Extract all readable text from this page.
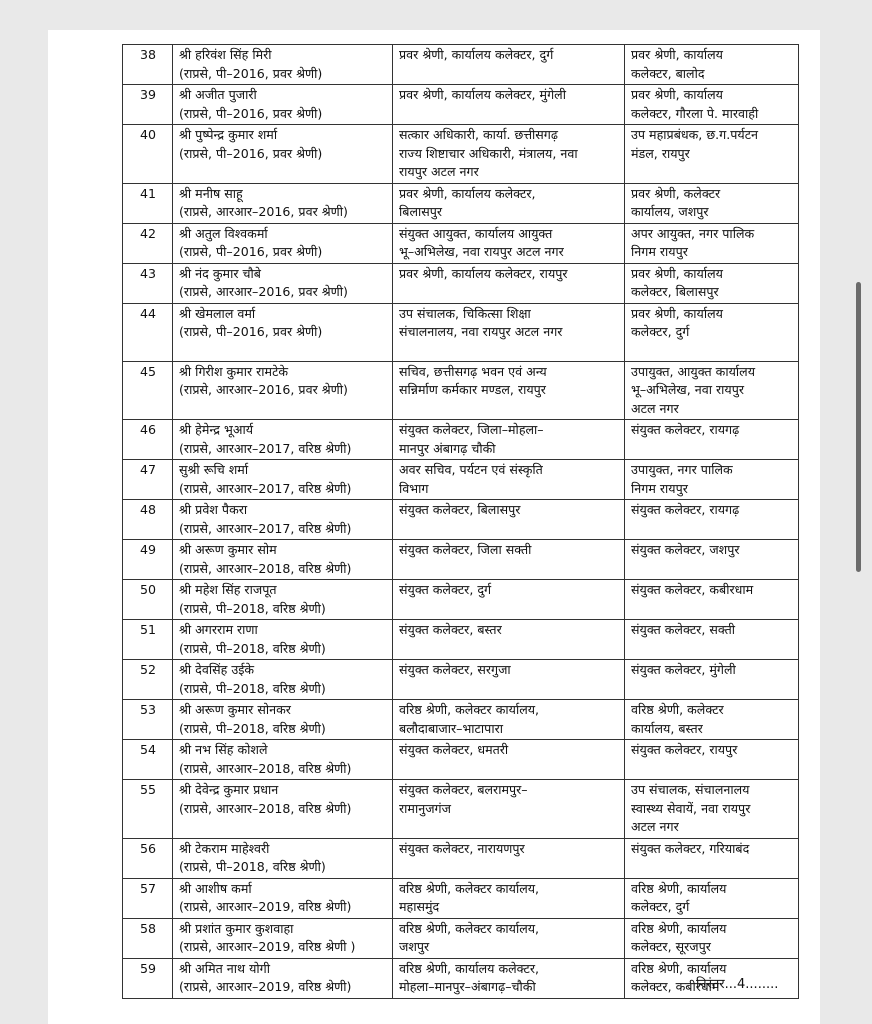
38	श्री हरिवंश सिंह मिरी
(राप्रसे, पी–2016, प्रवर श्रेणी)	प्रवर श्रेणी, कार्यालय कलेक्टर, दुर्ग	प्रवर श्रेणी, कार्यालय
कलेक्टर, बालोद

39	श्री अजीत पुजारी
(राप्रसे, पी–2016, प्रवर श्रेणी)	प्रवर श्रेणी, कार्यालय कलेक्टर, मुंगेली	प्रवर श्रेणी, कार्यालय
कलेक्टर, गौरला पे. मारवाही

40	श्री पुष्पेन्द्र कुमार शर्मा
(राप्रसे, पी–2016, प्रवर श्रेणी)	सत्कार अधिकारी, कार्या. छत्तीसगढ़
राज्य शिष्टाचार अधिकारी, मंत्रालय, नवा
रायपुर अटल नगर	उप महाप्रबंधक, छ.ग.पर्यटन
मंडल, रायपुर

41	श्री मनीष साहू
(राप्रसे, आरआर–2016, प्रवर श्रेणी)	प्रवर श्रेणी, कार्यालय कलेक्टर,
बिलासपुर	प्रवर श्रेणी, कलेक्टर
कार्यालय, जशपुर

42	श्री अतुल विश्वकर्मा
(राप्रसे, पी–2016, प्रवर श्रेणी)	संयुक्त आयुक्त, कार्यालय आयुक्त
भू–अभिलेख, नवा रायपुर अटल नगर	अपर आयुक्त, नगर पालिक
निगम रायपुर

43	श्री नंद कुमार चौबे
(राप्रसे, आरआर–2016, प्रवर श्रेणी)	प्रवर श्रेणी, कार्यालय कलेक्टर, रायपुर	प्रवर श्रेणी, कार्यालय
कलेक्टर, बिलासपुर

44	श्री खेमलाल वर्मा
(राप्रसे, पी–2016, प्रवर श्रेणी)	उप संचालक, चिकित्सा शिक्षा
संचालनालय, नवा रायपुर अटल नगर	प्रवर श्रेणी, कार्यालय
कलेक्टर, दुर्ग

45	श्री गिरीश कुमार रामटेके
(राप्रसे, आरआर–2016, प्रवर श्रेणी)	सचिव, छत्तीसगढ़ भवन एवं अन्य
सन्निर्माण कर्मकार मण्डल, रायपुर	उपायुक्त, आयुक्त कार्यालय
भू–अभिलेख, नवा रायपुर
अटल नगर

46	श्री हेमेन्द्र भूआर्य
(राप्रसे, आरआर–2017, वरिष्ठ श्रेणी)	संयुक्त कलेक्टर, जिला–मोहला–
मानपुर अंबागढ़ चौकी	संयुक्त कलेक्टर, रायगढ़

47	सुश्री रूचि शर्मा
(राप्रसे, आरआर–2017, वरिष्ठ श्रेणी)	अवर सचिव, पर्यटन एवं संस्कृति
विभाग	उपायुक्त, नगर पालिक
निगम रायपुर

48	श्री प्रवेश पैकरा
(राप्रसे, आरआर–2017, वरिष्ठ श्रेणी)	संयुक्त कलेक्टर, बिलासपुर	संयुक्त कलेक्टर, रायगढ़

49	श्री अरूण कुमार सोम
(राप्रसे, आरआर–2018, वरिष्ठ श्रेणी)	संयुक्त कलेक्टर, जिला सक्ती	संयुक्त कलेक्टर, जशपुर

50	श्री महेश सिंह राजपूत
(राप्रसे, पी–2018, वरिष्ठ श्रेणी)	संयुक्त कलेक्टर, दुर्ग	संयुक्त कलेक्टर, कबीरधाम

51	श्री अगरराम राणा
(राप्रसे, पी–2018, वरिष्ठ श्रेणी)	संयुक्त कलेक्टर, बस्तर	संयुक्त कलेक्टर, सक्ती

52	श्री देवसिंह उईके
(राप्रसे, पी–2018, वरिष्ठ श्रेणी)	संयुक्त कलेक्टर, सरगुजा	संयुक्त कलेक्टर, मुंगेली

53	श्री अरूण कुमार सोनकर
(राप्रसे, पी–2018, वरिष्ठ श्रेणी)	वरिष्ठ श्रेणी, कलेक्टर कार्यालय,
बलौदाबाजार–भाटापारा	वरिष्ठ श्रेणी, कलेक्टर
कार्यालय, बस्तर

54	श्री नभ सिंह कोशले
(राप्रसे, आरआर–2018, वरिष्ठ श्रेणी)	संयुक्त कलेक्टर, धमतरी	संयुक्त कलेक्टर, रायपुर

55	श्री देवेन्द्र कुमार प्रधान
(राप्रसे, आरआर–2018, वरिष्ठ श्रेणी)	संयुक्त कलेक्टर, बलरामपुर–
रामानुजगंज	उप संचालक, संचालनालय
स्वास्थ्य सेवायें, नवा रायपुर
अटल नगर

56	श्री टेकराम माहेश्वरी
(राप्रसे, पी–2018, वरिष्ठ श्रेणी)	संयुक्त कलेक्टर, नारायणपुर	संयुक्त कलेक्टर, गरियाबंद

57	श्री आशीष कर्मा
(राप्रसे, आरआर–2019, वरिष्ठ श्रेणी)	वरिष्ठ श्रेणी, कलेक्टर कार्यालय,
महासमुंद	वरिष्ठ श्रेणी, कार्यालय
कलेक्टर, दुर्ग

58	श्री प्रशांत कुमार कुशवाहा
(राप्रसे, आरआर–2019, वरिष्ठ श्रेणी )	वरिष्ठ श्रेणी, कलेक्टर कार्यालय,
जशपुर	वरिष्ठ श्रेणी, कार्यालय
कलेक्टर, सूरजपुर

59	श्री अमित नाथ योगी
(राप्रसे, आरआर–2019, वरिष्ठ श्रेणी)	वरिष्ठ श्रेणी, कार्यालय कलेक्टर,
मोहला–मानपुर–अंबागढ़–चौकी	वरिष्ठ श्रेणी, कार्यालय
कलेक्टर, कबीरधाम
निरंतर...4........
